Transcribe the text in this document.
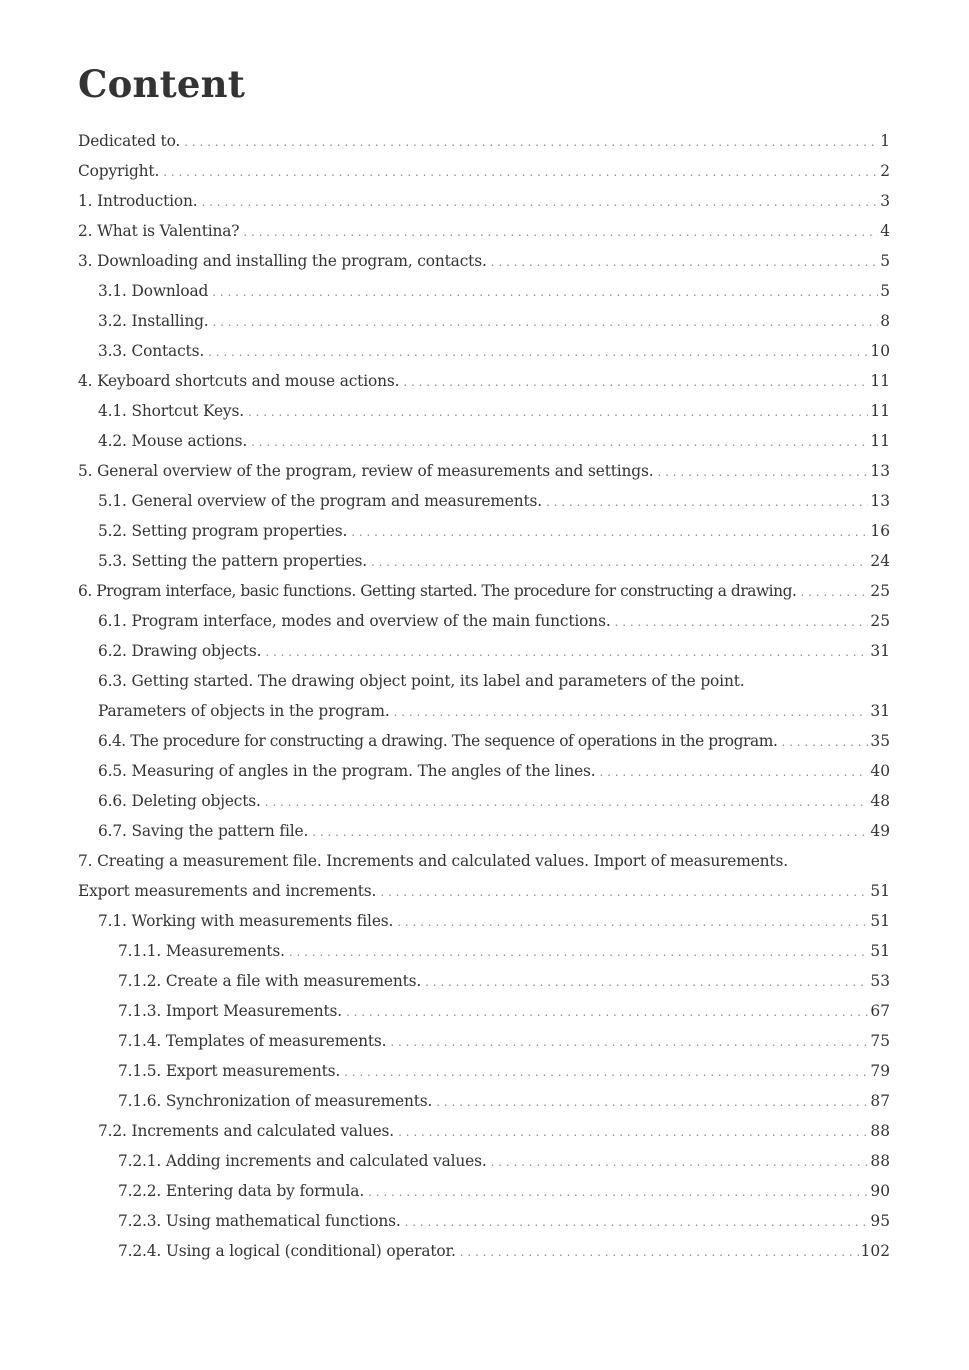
Content
Dedicated to. . . .	1
Copyright. . . .	2
1. Introduction. . . .	3
2. What is Valentina? . . .	4
3. Downloading and installing the program, contacts. . . .	5
3.1. Download . . .	5
3.2. Installing. . . .	8
3.3. Contacts. . . .	10
4. Keyboard shortcuts and mouse actions. . . .	11
4.1. Shortcut Keys. . . .	11
4.2. Mouse actions. . . .	11
5. General overview of the program, review of measurements and settings. . . .	13
5.1. General overview of the program and measurements. . . .	13
5.2. Setting program properties. . . .	16
5.3. Setting the pattern properties. . . .	24
6. Program interface, basic functions. Getting started. The procedure for constructing a drawing. . . .	25
6.1. Program interface, modes and overview of the main functions. . . .	25
6.2. Drawing objects. . . .	31
6.3. Getting started. The drawing object point, its label and parameters of the point.
Parameters of objects in the program. . . .	31
6.4. The procedure for constructing a drawing. The sequence of operations in the program. . . .	35
6.5. Measuring of angles in the program. The angles of the lines. . . .	40
6.6. Deleting objects. . . .	48
6.7. Saving the pattern file. . . .	49
7. Creating a measurement file. Increments and calculated values. Import of measurements.
Export measurements and increments. . . .	51
7.1. Working with measurements files. . . .	51
7.1.1. Measurements. . . .	51
7.1.2. Create a file with measurements. . . .	53
7.1.3. Import Measurements. . . .	67
7.1.4. Templates of measurements. . . .	75
7.1.5. Export measurements. . . .	79
7.1.6. Synchronization of measurements. . . .	87
7.2. Increments and calculated values. . . .	88
7.2.1. Adding increments and calculated values. . . .	88
7.2.2. Entering data by formula. . . .	90
7.2.3. Using mathematical functions. . . .	95
7.2.4. Using a logical (conditional) operator. . . .	102
